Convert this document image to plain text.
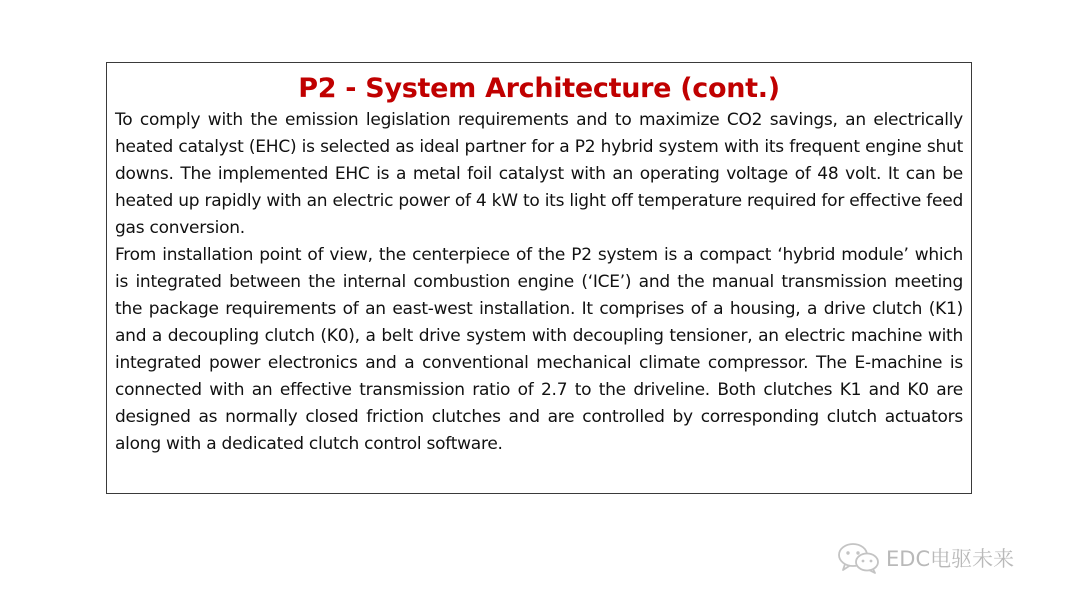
P2 - System Architecture (cont.)

To comply with the emission legislation requirements and to maximize CO2 savings, an electrically heated catalyst (EHC) is selected as ideal partner for a P2 hybrid system with its frequent engine shut downs. The implemented EHC is a metal foil catalyst with an operating voltage of 48 volt. It can be heated up rapidly with an electric power of 4 kW to its light off temperature required for effective feed gas conversion.

From installation point of view, the centerpiece of the P2 system is a compact ‘hybrid module’ which is integrated between the internal combustion engine (‘ICE’) and the manual transmission meeting the package requirements of an east-west installation. It comprises of a housing, a drive clutch (K1) and a decoupling clutch (K0), a belt drive system with decoupling tensioner, an electric machine with integrated power electronics and a conventional mechanical climate compressor. The E-machine is connected with an effective transmission ratio of 2.7 to the driveline. Both clutches K1 and K0 are designed as normally closed friction clutches and are controlled by corresponding clutch actuators along with a dedicated clutch control software.

EDC电驱未来
